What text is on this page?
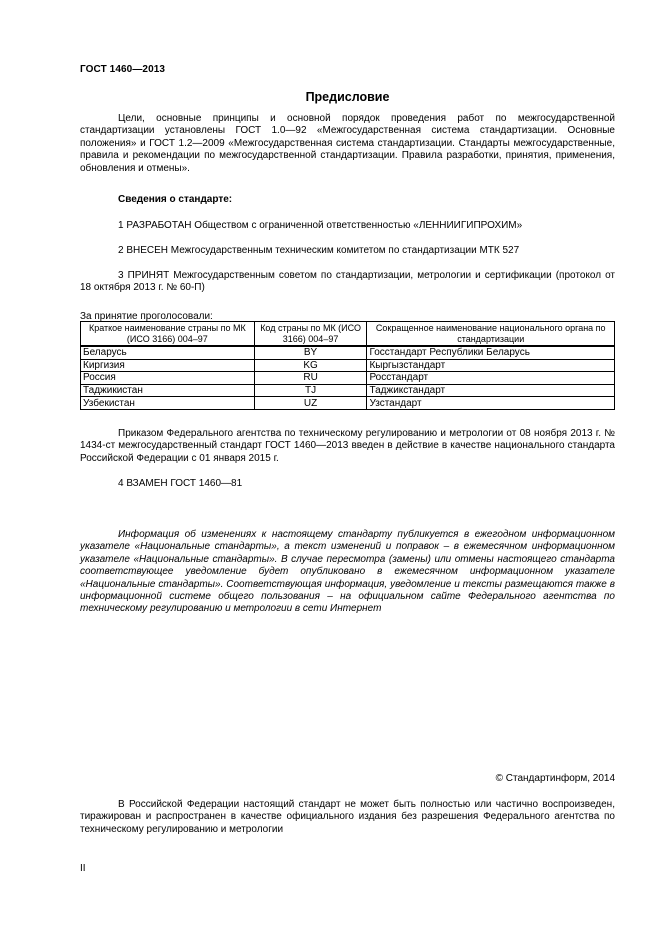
ГОСТ 1460—2013
Предисловие
Цели, основные принципы и основной порядок проведения работ по межгосударственной стандартизации установлены ГОСТ 1.0—92 «Межгосударственная система стандартизации. Основные положения» и ГОСТ 1.2—2009 «Межгосударственная система стандартизации. Стандарты межгосударственные, правила и рекомендации по межгосударственной стандартизации. Правила разработки, принятия, применения, обновления и отмены».
Сведения о стандарте:
1 РАЗРАБОТАН Обществом с ограниченной ответственностью «ЛЕННИИГИПРОХИМ»
2 ВНЕСЕН Межгосударственным техническим комитетом по стандартизации МТК 527
3 ПРИНЯТ Межгосударственным советом по стандартизации, метрологии и сертификации (протокол от 18 октября 2013 г. № 60-П)
За принятие проголосовали:
Краткое наименование страны по МК (ИСО 3166) 004–97	Код страны по МК (ИСО 3166) 004–97	Сокращенное наименование национального органа по стандартизации
Беларусь	BY	Госстандарт Республики Беларусь
Киргизия	KG	Кыргызстандарт
Россия	RU	Росстандарт
Таджикистан	TJ	Таджикстандарт
Узбекистан	UZ	Узстандарт
Приказом Федерального агентства по техническому регулированию и метрологии от 08 ноября 2013 г. № 1434-ст межгосударственный стандарт ГОСТ 1460—2013 введен в действие в качестве национального стандарта Российской Федерации с 01 января 2015 г.
4 ВЗАМЕН ГОСТ 1460—81
Информация об изменениях к настоящему стандарту публикуется в ежегодном информационном указателе «Национальные стандарты», а текст изменений и поправок – в ежемесячном информационном указателе «Национальные стандарты». В случае пересмотра (замены) или отмены настоящего стандарта соответствующее уведомление будет опубликовано в ежемесячном информационном указателе «Национальные стандарты». Соответствующая информация, уведомление и тексты размещаются также в информационной системе общего пользования – на официальном сайте Федерального агентства по техническому регулированию и метрологии в сети Интернет
© Стандартинформ, 2014
В Российской Федерации настоящий стандарт не может быть полностью или частично воспроизведен, тиражирован и распространен в качестве официального издания без разрешения Федерального агентства по техническому регулированию и метрологии
II
